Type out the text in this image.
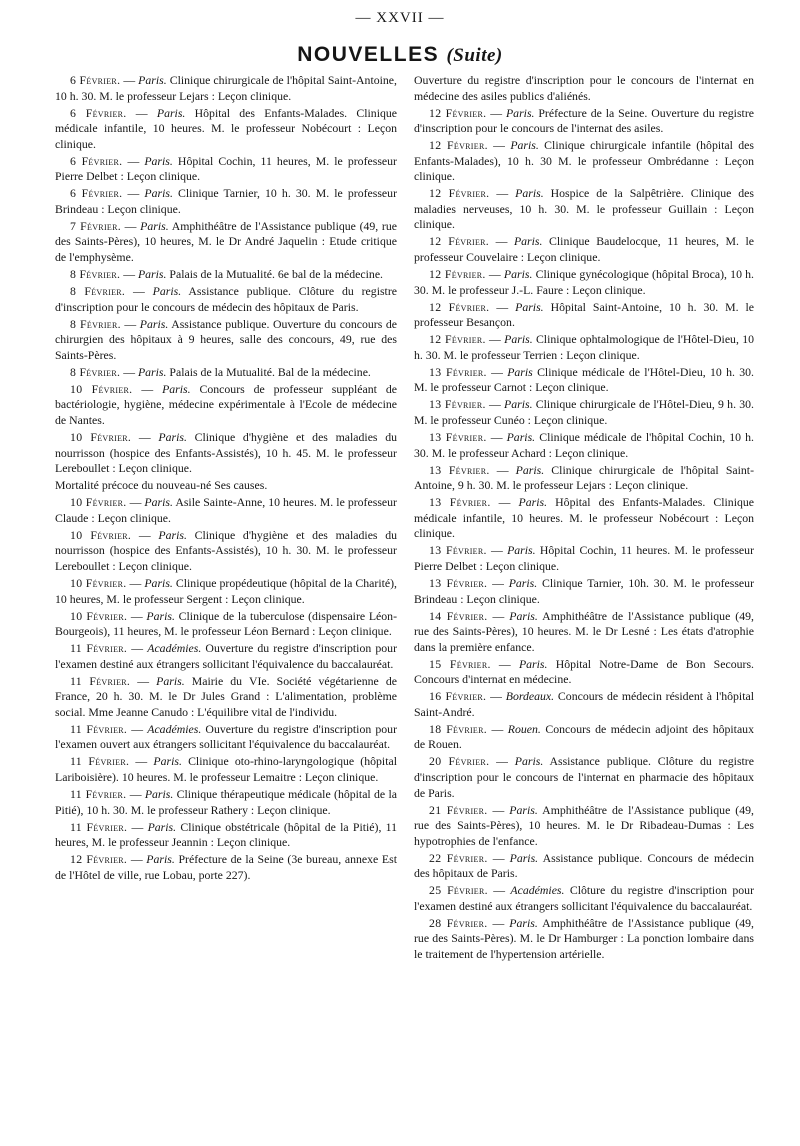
— XXVII —
NOUVELLES (Suite)

6 Février. — Paris. Clinique chirurgicale de l'hôpital Saint-Antoine, 10 h. 30. M. le professeur Lejars : Leçon clinique.

6 Février. — Paris. Hôpital des Enfants-Malades. Clinique médicale infantile, 10 heures. M. le professeur Nobécourt : Leçon clinique.

6 Février. — Paris. Hôpital Cochin, 11 heures, M. le professeur Pierre Delbet : Leçon clinique.

6 Février. — Paris. Clinique Tarnier, 10 h. 30. M. le professeur Brindeau : Leçon clinique.

7 Février. — Paris. Amphithéâtre de l'Assistance publique (49, rue des Saints-Pères), 10 heures, M. le Dr André Jaquelin : Etude critique de l'emphysème.

8 Février. — Paris. Palais de la Mutualité. 6e bal de la médecine.

8 Février. — Paris. Assistance publique. Clôture du registre d'inscription pour le concours de médecin des hôpitaux de Paris.

8 Février. — Paris. Assistance publique. Ouverture du concours de chirurgien des hôpitaux à 9 heures, salle des concours, 49, rue des Saints-Pères.

8 Février. — Paris. Palais de la Mutualité. Bal de la médecine.

10 Février. — Paris. Concours de professeur suppléant de bactériologie, hygiène, médecine expérimentale à l'Ecole de médecine de Nantes.

10 Février. — Paris. Clinique d'hygiène et des maladies du nourrisson (hospice des Enfants-Assistés), 10 h. 45. M. le professeur Lereboullet : Leçon clinique.

Mortalité précoce du nouveau-né Ses causes.

10 Février. — Paris. Asile Sainte-Anne, 10 heures. M. le professeur Claude : Leçon clinique.

10 Février. — Paris. Clinique d'hygiène et des maladies du nourrisson (hospice des Enfants-Assistés), 10 h. 30. M. le professeur Lereboullet : Leçon clinique.

10 Février. — Paris. Clinique propédeutique (hôpital de la Charité), 10 heures, M. le professeur Sergent : Leçon clinique.

10 Février. — Paris. Clinique de la tuberculose (dispensaire Léon-Bourgeois), 11 heures, M. le professeur Léon Bernard : Leçon clinique.

11 Février. — Académies. Ouverture du registre d'inscription pour l'examen destiné aux étrangers sollicitant l'équivalence du baccalauréat.

11 Février. — Paris. Mairie du VIe. Société végétarienne de France, 20 h. 30. M. le Dr Jules Grand : L'alimentation, problème social. Mme Jeanne Canudo : L'équilibre vital de l'individu.

11 Février. — Académies. Ouverture du registre d'inscription pour l'examen ouvert aux étrangers sollicitant l'équivalence du baccalauréat.

11 Février. — Paris. Clinique oto-rhino-laryngologique (hôpital Lariboisière). 10 heures. M. le professeur Lemaitre : Leçon clinique.

11 Février. — Paris. Clinique thérapeutique médicale (hôpital de la Pitié), 10 h. 30. M. le professeur Rathery : Leçon clinique.

11 Février. — Paris. Clinique obstétricale (hôpital de la Pitié), 11 heures, M. le professeur Jeannin : Leçon clinique.

12 Février. — Paris. Préfecture de la Seine (3e bureau, annexe Est de l'Hôtel de ville, rue Lobau, porte 227).

Ouverture du registre d'inscription pour le concours de l'internat en médecine des asiles publics d'aliénés.

12 Février. — Paris. Préfecture de la Seine. Ouverture du registre d'inscription pour le concours de l'internat des asiles.

12 Février. — Paris. Clinique chirurgicale infantile (hôpital des Enfants-Malades), 10 h. 30 M. le professeur Ombrédanne : Leçon clinique.

12 Février. — Paris. Hospice de la Salpêtrière. Clinique des maladies nerveuses, 10 h. 30. M. le professeur Guillain : Leçon clinique.

12 Février. — Paris. Clinique Baudelocque, 11 heures, M. le professeur Couvelaire : Leçon clinique.

12 Février. — Paris. Clinique gynécologique (hôpital Broca), 10 h. 30. M. le professeur J.-L. Faure : Leçon clinique.

12 Février. — Paris. Hôpital Saint-Antoine, 10 h. 30. M. le professeur Besançon.

12 Février. — Paris. Clinique ophtalmologique de l'Hôtel-Dieu, 10 h. 30. M. le professeur Terrien : Leçon clinique.

13 Février. — Paris Clinique médicale de l'Hôtel-Dieu, 10 h. 30. M. le professeur Carnot : Leçon clinique.

13 Février. — Paris. Clinique chirurgicale de l'Hôtel-Dieu, 9 h. 30. M. le professeur Cunéo : Leçon clinique.

13 Février. — Paris. Clinique médicale de l'hôpital Cochin, 10 h. 30. M. le professeur Achard : Leçon clinique.

13 Février. — Paris. Clinique chirurgicale de l'hôpital Saint-Antoine, 9 h. 30. M. le professeur Lejars : Leçon clinique.

13 Février. — Paris. Hôpital des Enfants-Malades. Clinique médicale infantile, 10 heures. M. le professeur Nobécourt : Leçon clinique.

13 Février. — Paris. Hôpital Cochin, 11 heures. M. le professeur Pierre Delbet : Leçon clinique.

13 Février. — Paris. Clinique Tarnier, 10h. 30. M. le professeur Brindeau : Leçon clinique.

14 Février. — Paris. Amphithéâtre de l'Assistance publique (49, rue des Saints-Pères), 10 heures. M. le Dr Lesné : Les états d'atrophie dans la première enfance.

15 Février. — Paris. Hôpital Notre-Dame de Bon Secours. Concours d'internat en médecine.

16 Février. — Bordeaux. Concours de médecin résident à l'hôpital Saint-André.

18 Février. — Rouen. Concours de médecin adjoint des hôpitaux de Rouen.

20 Février. — Paris. Assistance publique. Clôture du registre d'inscription pour le concours de l'internat en pharmacie des hôpitaux de Paris.

21 Février. — Paris. Amphithéâtre de l'Assistance publique (49, rue des Saints-Pères), 10 heures. M. le Dr Ribadeau-Dumas : Les hypotrophies de l'enfance.

22 Février. — Paris. Assistance publique. Concours de médecin des hôpitaux de Paris.

25 Février. — Académies. Clôture du registre d'inscription pour l'examen destiné aux étrangers sollicitant l'équivalence du baccalauréat.

28 Février. — Paris. Amphithéâtre de l'Assistance publique (49, rue des Saints-Pères). M. le Dr Hamburger : La ponction lombaire dans le traitement de l'hypertension artérielle.
